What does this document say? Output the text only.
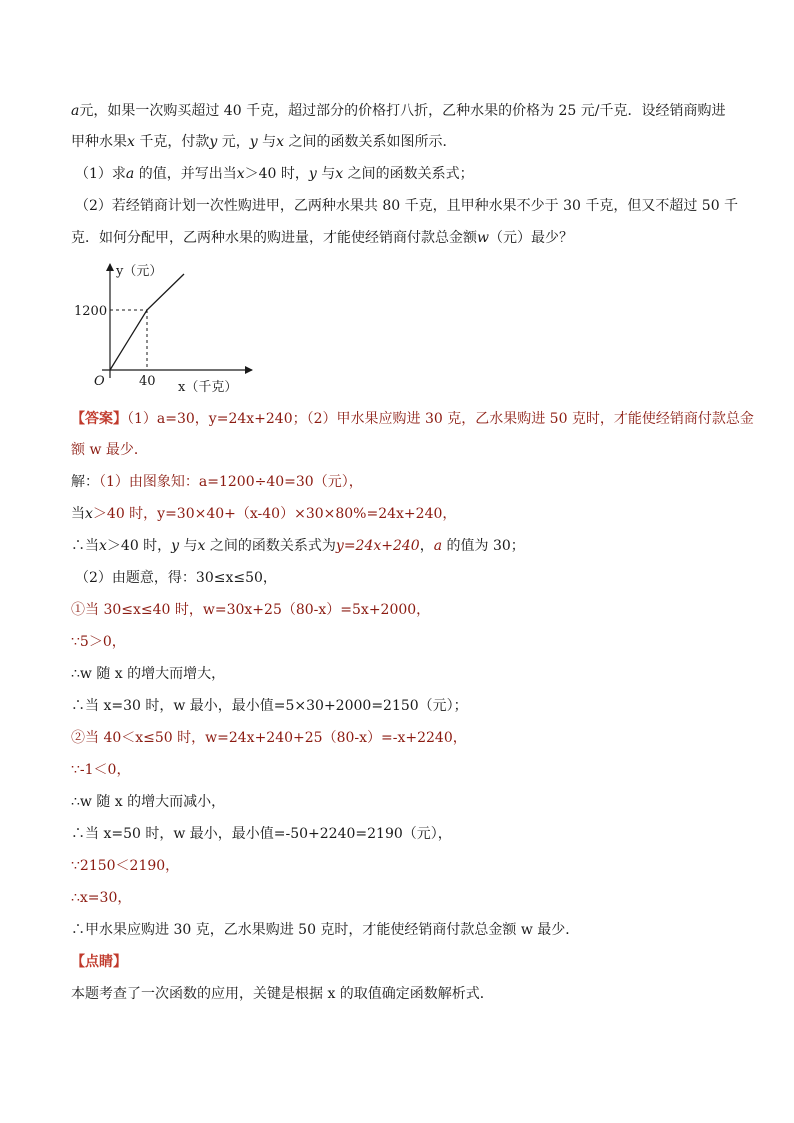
a元，如果一次购买超过 40 千克，超过部分的价格打八折，乙种水果的价格为 25 元/千克．设经销商购进
甲种水果x 千克，付款y 元，y 与x 之间的函数关系如图所示．
（1）求a 的值，并写出当x＞40 时，y 与x 之间的函数关系式；
（2）若经销商计划一次性购进甲，乙两种水果共 80 千克，且甲种水果不少于 30 千克，但又不超过 50 千
克．如何分配甲，乙两种水果的购进量，才能使经销商付款总金额w（元）最少？
y（元）
1200
O	40 x（千克）
【答案】（1）a=30，y=24x+240；（2）甲水果应购进 30 克，乙水果购进 50 克时，才能使经销商付款总金
额 w 最少．
解：（1）由图象知：a=1200÷40=30（元），
当x＞40 时，y=30×40+（x-40）×30×80%=24x+240，
∴当x＞40 时，y 与x 之间的函数关系式为y=24x+240，a 的值为 30；
（2）由题意，得：30≤x≤50，
①当 30≤x≤40 时，w=30x+25（80-x）=5x+2000，
∵5＞0，
∴w 随 x 的增大而增大，
∴当 x=30 时，w 最小，最小值=5×30+2000=2150（元）；
②当 40＜x≤50 时，w=24x+240+25（80-x）=-x+2240，
∵-1＜0，
∴w 随 x 的增大而减小，
∴当 x=50 时，w 最小，最小值=-50+2240=2190（元），
∵2150＜2190，
∴x=30，
∴甲水果应购进 30 克，乙水果购进 50 克时，才能使经销商付款总金额 w 最少．
【点睛】
本题考查了一次函数的应用，关键是根据 x 的取值确定函数解析式．
